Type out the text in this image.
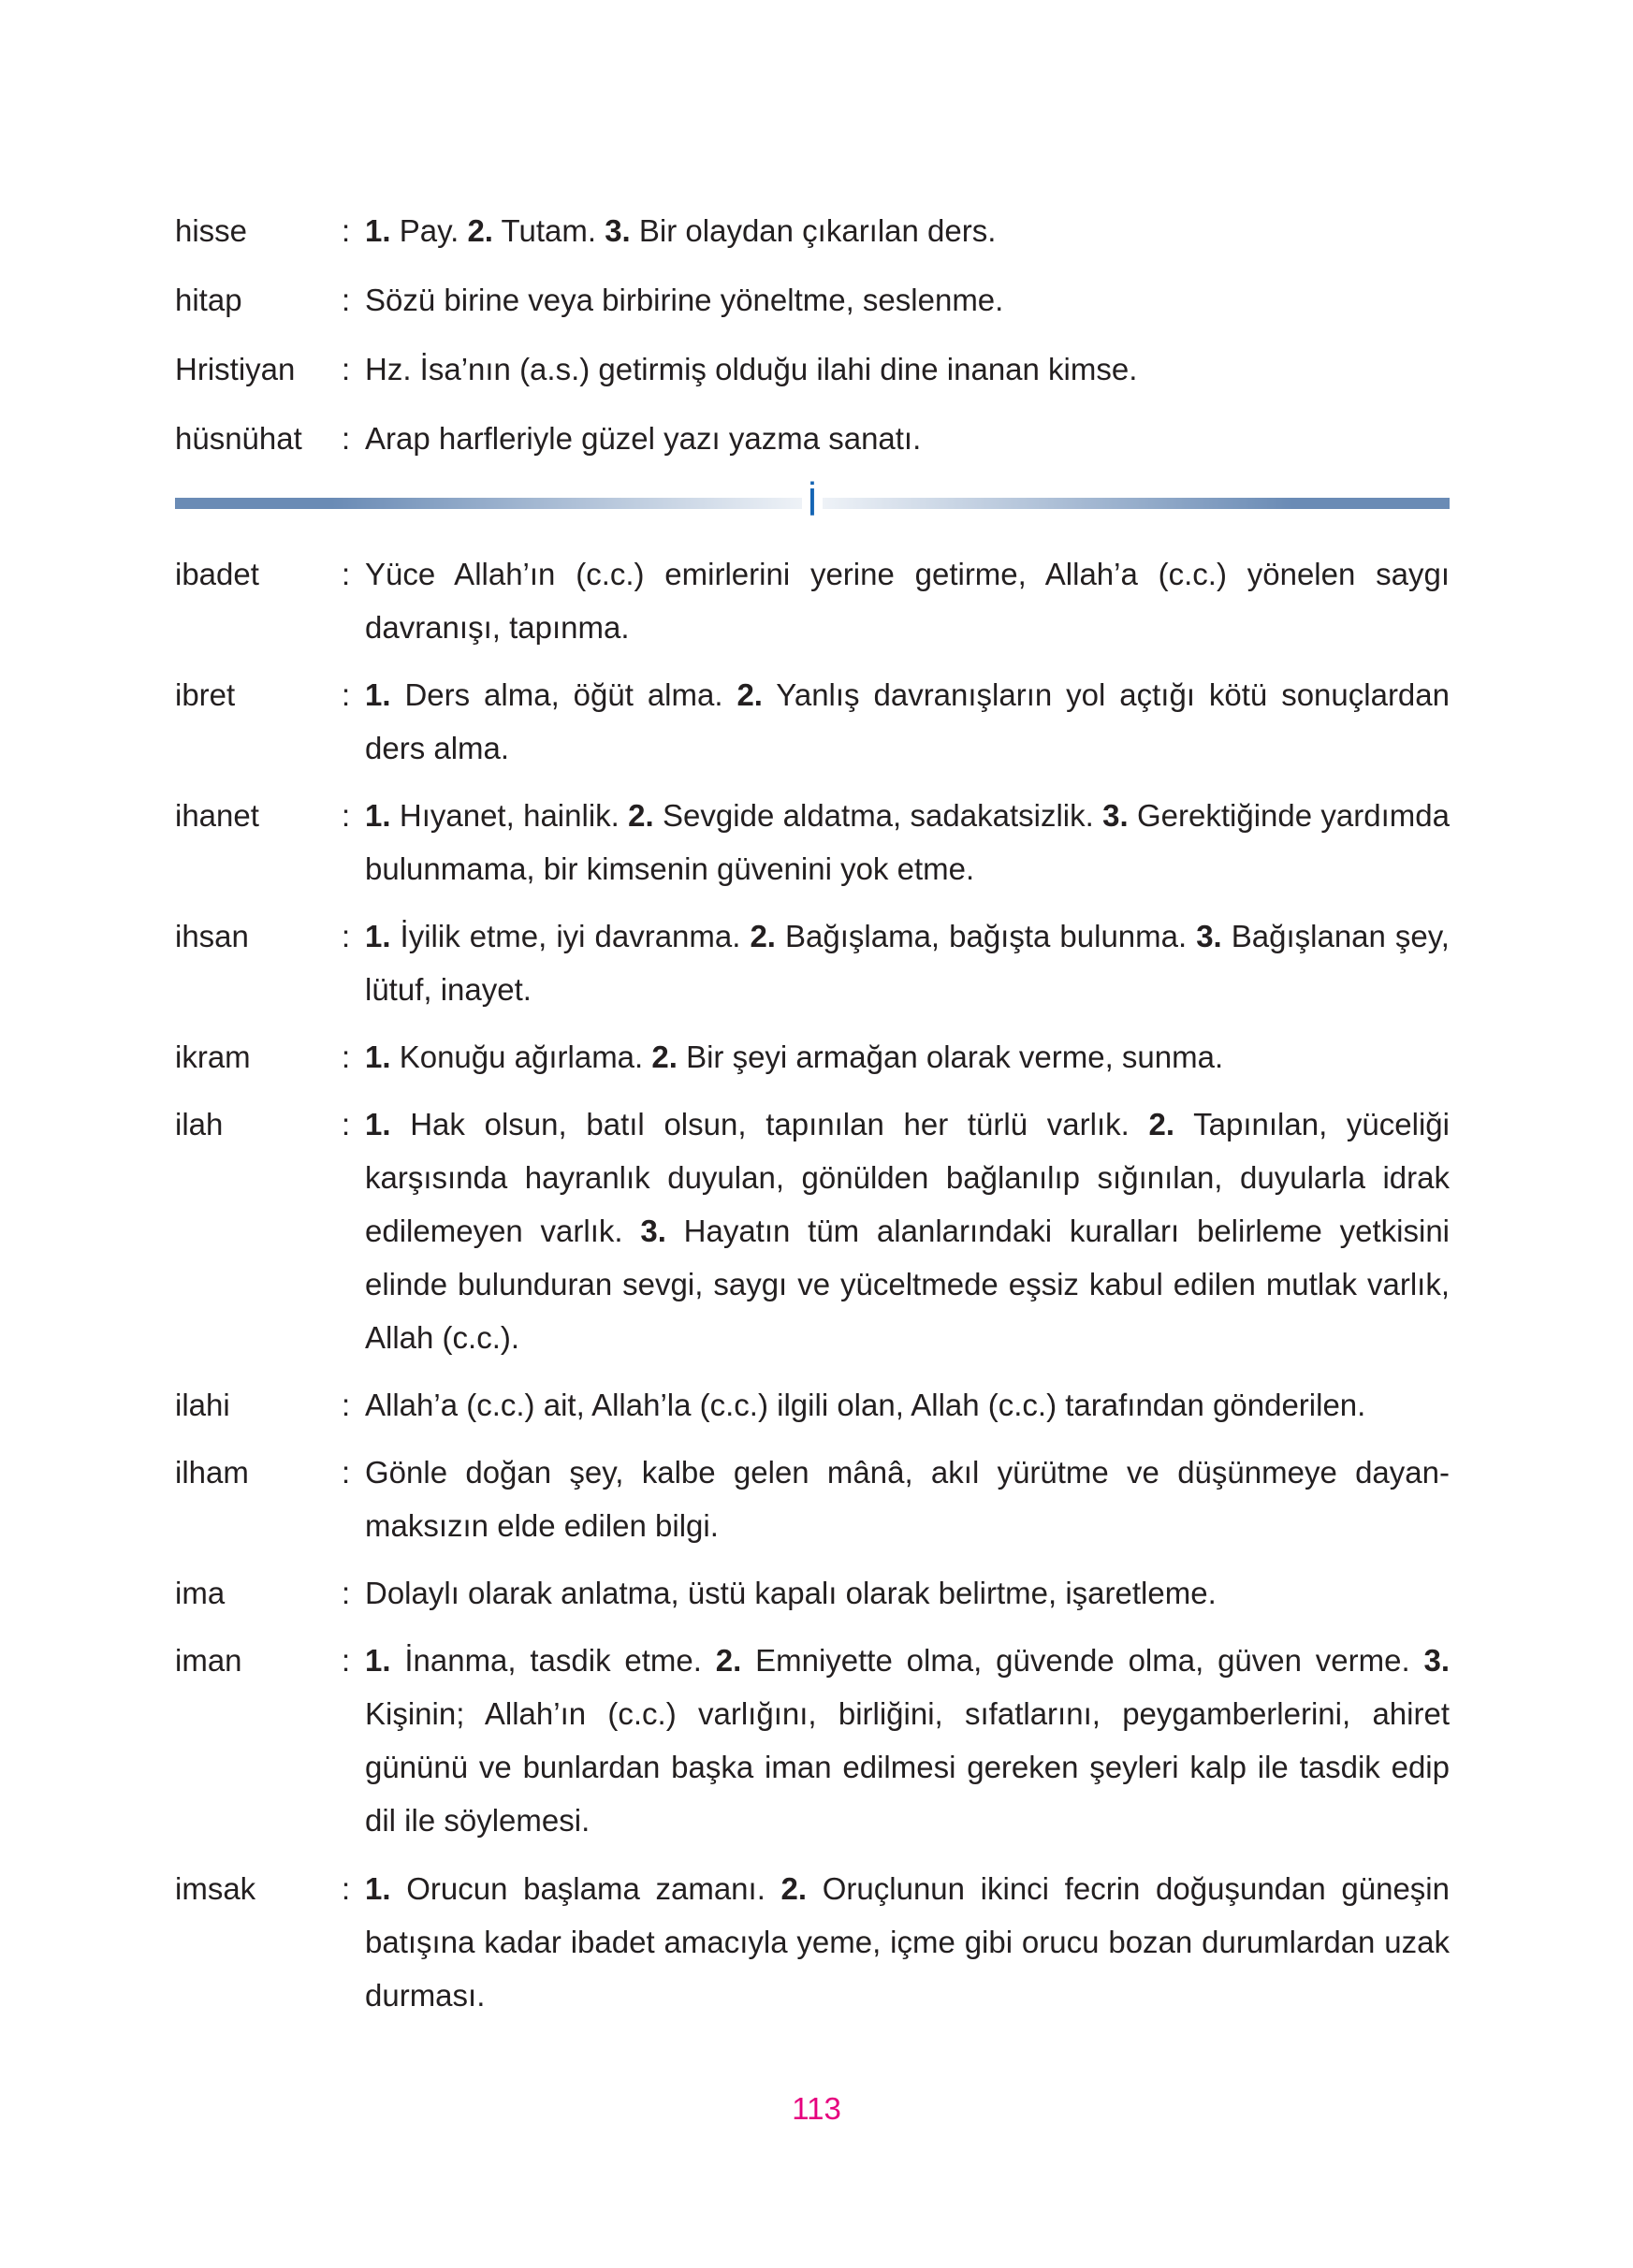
hisse	: 1. Pay. 2. Tutam. 3. Bir olaydan çıkarılan ders.
hitap	: Sözü birine veya birbirine yöneltme, seslenme.
Hristiyan : Hz. İsa’nın (a.s.) getirmiş olduğu ilahi dine inanan kimse.
hüsnühat : Arap harfleriyle güzel yazı yazma sanatı.
ibadet	: Yüce Allah’ın (c.c.) emirlerini yerine getirme, Allah’a (c.c.) yönelen saygı davranışı, tapınma.
ibret	: 1. Ders alma, öğüt alma. 2. Yanlış davranışların yol açtığı kötü sonuçlardan ders alma.
ihanet	: 1. Hıyanet, hainlik. 2. Sevgide aldatma, sadakatsizlik. 3. Gerektiğinde yardımda bulunmama, bir kimsenin güvenini yok etme.
ihsan	: 1. İyilik etme, iyi davranma. 2. Bağışlama, bağışta bulunma. 3. Bağışlanan şey, lütuf, inayet.
ikram	: 1. Konuğu ağırlama. 2. Bir şeyi armağan olarak verme, sunma.
ilah	: 1. Hak olsun, batıl olsun, tapınılan her türlü varlık. 2. Tapınılan, yüceliği karşısında hayranlık duyulan, gönülden bağlanılıp sığınılan, duyularla idrak edilemeyen varlık. 3. Hayatın tüm alanlarındaki kuralları belirleme yetkisini elinde bulunduran sevgi, saygı ve yüceltmede eşsiz kabul edilen mutlak varlık, Allah (c.c.).
ilahi	: Allah’a (c.c.) ait, Allah’la (c.c.) ilgili olan, Allah (c.c.) tarafından gönderilen.
ilham	: Gönle doğan şey, kalbe gelen mânâ, akıl yürütme ve düşünmeye dayanmaksızın elde edilen bilgi.
ima	: Dolaylı olarak anlatma, üstü kapalı olarak belirtme, işaretleme.
iman	: 1. İnanma, tasdik etme. 2. Emniyette olma, güvende olma, güven verme. 3. Kişinin; Allah’ın (c.c.) varlığını, birliğini, sıfatlarını, peygamberlerini, ahiret gününü ve bunlardan başka iman edilmesi gereken şeyleri kalp ile tasdik edip dil ile söylemesi.
imsak	: 1. Orucun başlama zamanı. 2. Oruçlunun ikinci fecrin doğuşundan güneşin batışına kadar ibadet amacıyla yeme, içme gibi orucu bozan durumlardan uzak durması.
İ
113
